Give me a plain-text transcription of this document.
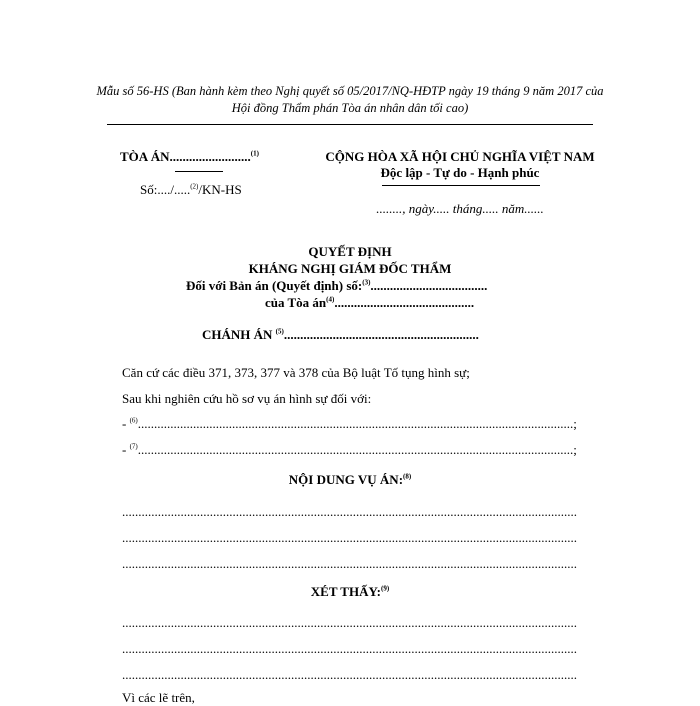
Mẫu số 56-HS (Ban hành kèm theo Nghị quyết số 05/2017/NQ-HĐTP ngày 19 tháng 9 năm 2017 của
Hội đồng Thẩm phán Tòa án nhân dân tối cao)
TÒA ÁN.........................$^{(1)}$
Số:..../.....$^{(2)}$/KN-HS
CỘNG HÒA XÃ HỘI CHỦ NGHĨA VIỆT NAM
Độc lập - Tự do - Hạnh phúc
........, ngày..... tháng..... năm......
QUYẾT ĐỊNH
KHÁNG NGHỊ GIÁM ĐỐC THẨM
Đối với Bản án (Quyết định) số:$^{(3)}$....................................
của Tòa $án^{(4)}$...........................................
CHÁNH ÁN $^{(5)}$............................................................
Căn cứ các điều 371, 373, 377 và 378 của Bộ luật Tố tụng hình sự;
Sau khi nghiên cứu hồ sơ vụ án hình sự đối với:
- $^{(6)}$......................................................................................................................................;
- $^{(7)}$......................................................................................................................................;
NỘI DUNG VỤ ÁN:$^{(8)}$
............................................................................................................................................
............................................................................................................................................
............................................................................................................................................
XÉT THẤY:$^{(9)}$
............................................................................................................................................
............................................................................................................................................
............................................................................................................................................
Vì các lẽ trên,
